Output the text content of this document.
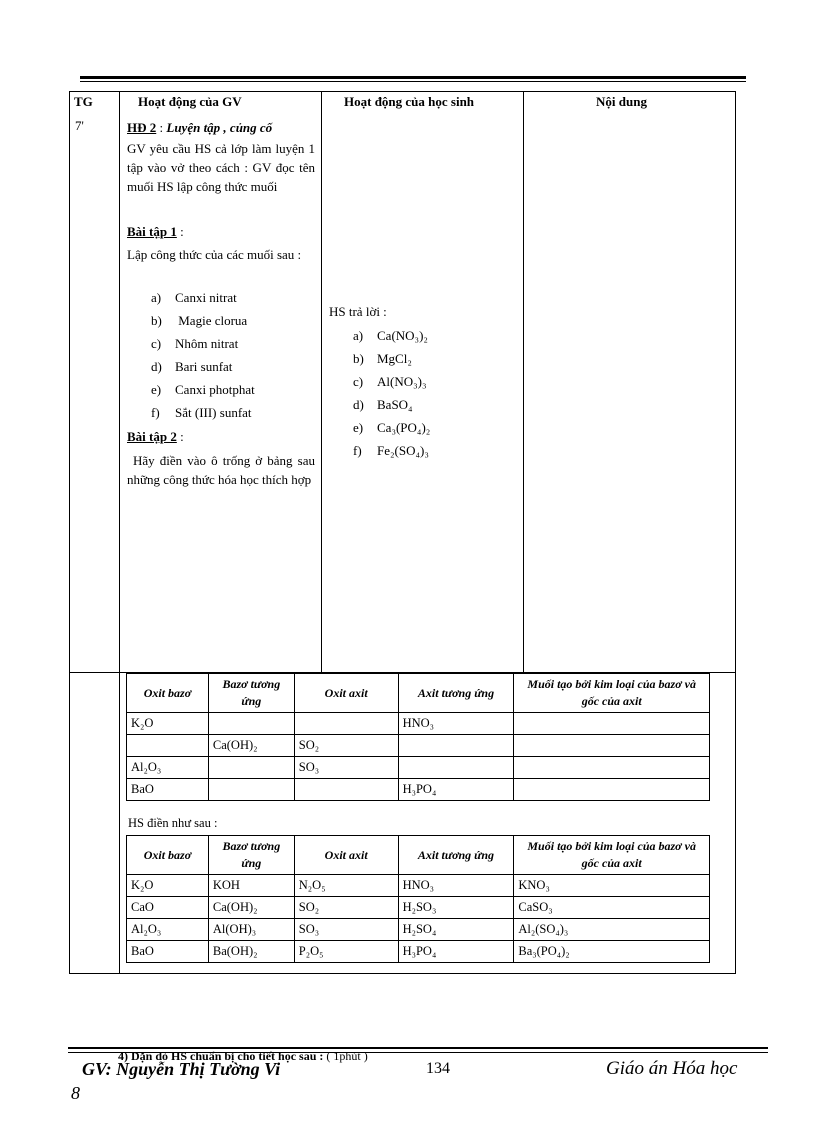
TG	Hoạt động của GV	Hoạt động của học sinh	Nội dung
7'	HĐ 2 : Luyện tập , củng cố
GV yêu cầu HS cả lớp làm luyện 1 tập vào vở theo cách : GV đọc tên muối HS lập công thức muối
Bài tập 1 :
Lập công thức của các muối sau :
a) Canxi nitrat
b) Magie clorua
c) Nhôm nitrat
d) Bari sunfat
e) Canxi photphat
f) Sắt (III) sunfat
Bài tập 2 :
Hãy điền vào ô trống ở bảng sau những công thức hóa học thích hợp
HS trả lời :
a) Ca(NO₃)₂
b) MgCl₂
c) Al(NO₃)₃
d) BaSO₄
e) Ca₃(PO₄)₂
f) Fe₂(SO₄)₃
Oxit bazơ	Bazơ tương ứng	Oxit axit	Axit tương ứng	Muối tạo bởi kim loại của bazơ và gốc của axit
K₂O			HNO₃	
	Ca(OH)₂	SO₂		
Al₂O₃		SO₃		
BaO			H₃PO₄	
HS điền như sau :
Oxit bazơ	Bazơ tương ứng	Oxit axit	Axit tương ứng	Muối tạo bởi kim loại của bazơ và gốc của axit
K₂O	KOH	N₂O₅	HNO₃	KNO₃
CaO	Ca(OH)₂	SO₂	H₂SO₃	CaSO₃
Al₂O₃	Al(OH)₃	SO₃	H₂SO₄	Al₂(SO₄)₃
BaO	Ba(OH)₂	P₂O₅	H₃PO₄	Ba₃(PO₄)₂
4) Dặn dò HS chuẩn bị cho tiết học sau : ( 1phút )
GV: Nguyễn Thị Tường Vi	134	Giáo án Hóa học
8
